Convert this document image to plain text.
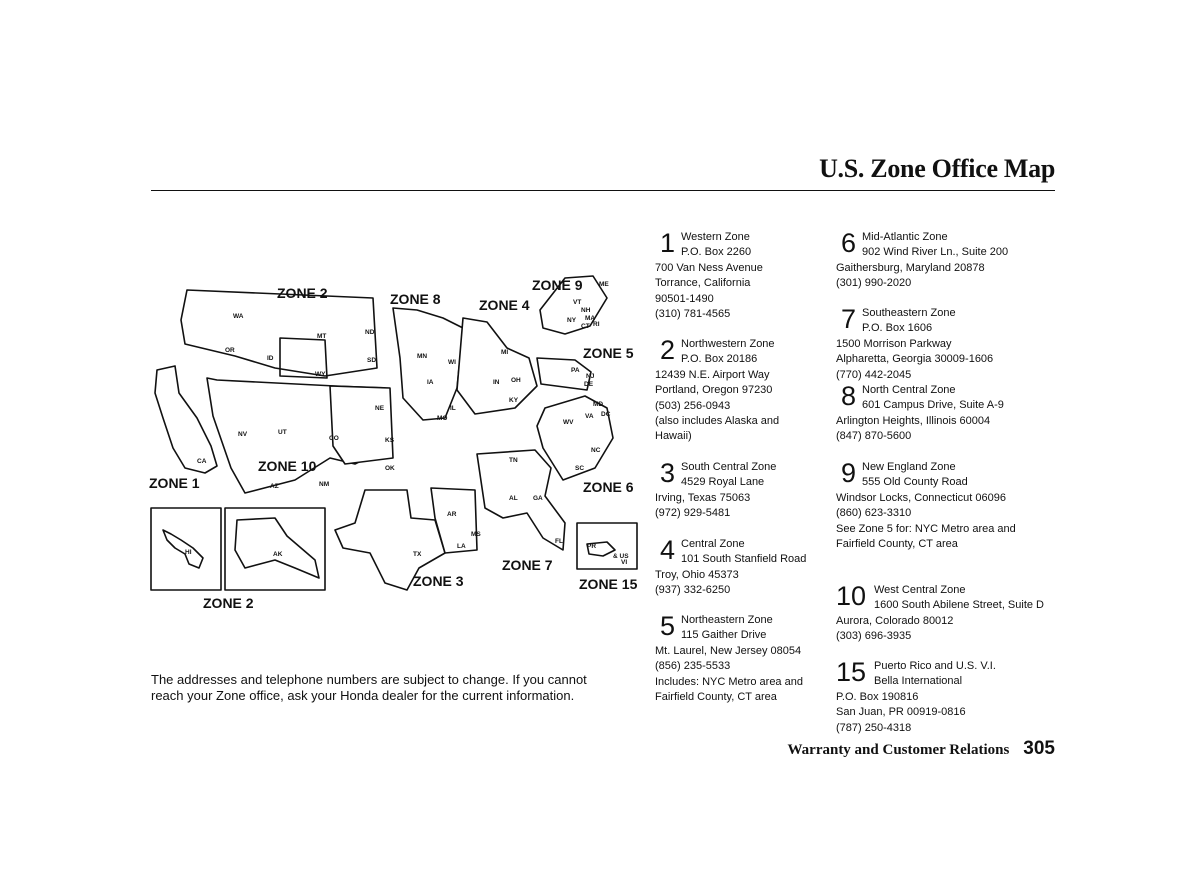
U.S. Zone Office Map
ZONE 1
ZONE 2
ZONE 2
ZONE 3
ZONE 4
ZONE 5
ZONE 6
ZONE 7
ZONE 8
ZONE 9
ZONE 10
ZONE 15
WA
OR
CA
NV
ID
MT
WY
UT
AZ	NM
CO
ND
SD
NE
KS
OK
TX
MN
IA
MO
AR
LA
WI
IL
MS
MI
IN OH
KY
TN
AL GA
FL
SC
NC
VA
WV
MD
DC
PA
NJ
DE
NY
VT
NH
ME
MA
CT RI
HI	AK
PR
& US
VI
The addresses and telephone numbers are subject to change. If you cannot reach your Zone office, ask your Honda dealer for the current information.
1 Western Zone
P.O. Box 2260
700 Van Ness Avenue
Torrance, California
90501-1490
(310) 781-4565
2 Northwestern Zone
P.O. Box 20186
12439 N.E. Airport Way
Portland, Oregon 97230
(503) 256-0943
(also includes Alaska and
Hawaii)
3 South Central Zone
4529 Royal Lane
Irving, Texas 75063
(972) 929-5481
4 Central Zone
101 South Stanfield Road
Troy, Ohio 45373
(937) 332-6250
5 Northeastern Zone
115 Gaither Drive
Mt. Laurel, New Jersey 08054
(856) 235-5533
Includes: NYC Metro area and
Fairfield County, CT area
6 Mid-Atlantic Zone
902 Wind River Ln., Suite 200
Gaithersburg, Maryland 20878
(301) 990-2020
7 Southeastern Zone
P.O. Box 1606
1500 Morrison Parkway
Alpharetta, Georgia 30009-1606
(770) 442-2045
8 North Central Zone
601 Campus Drive, Suite A-9
Arlington Heights, Illinois 60004
(847) 870-5600
9 New England Zone
555 Old County Road
Windsor Locks, Connecticut 06096
(860) 623-3310
See Zone 5 for: NYC Metro area and
Fairfield County, CT area
10 West Central Zone
1600 South Abilene Street, Suite D
Aurora, Colorado 80012
(303) 696-3935
15 Puerto Rico and U.S. V.I.
Bella International
P.O. Box 190816
San Juan, PR 00919-0816
(787) 250-4318
Warranty and Customer Relations 305
